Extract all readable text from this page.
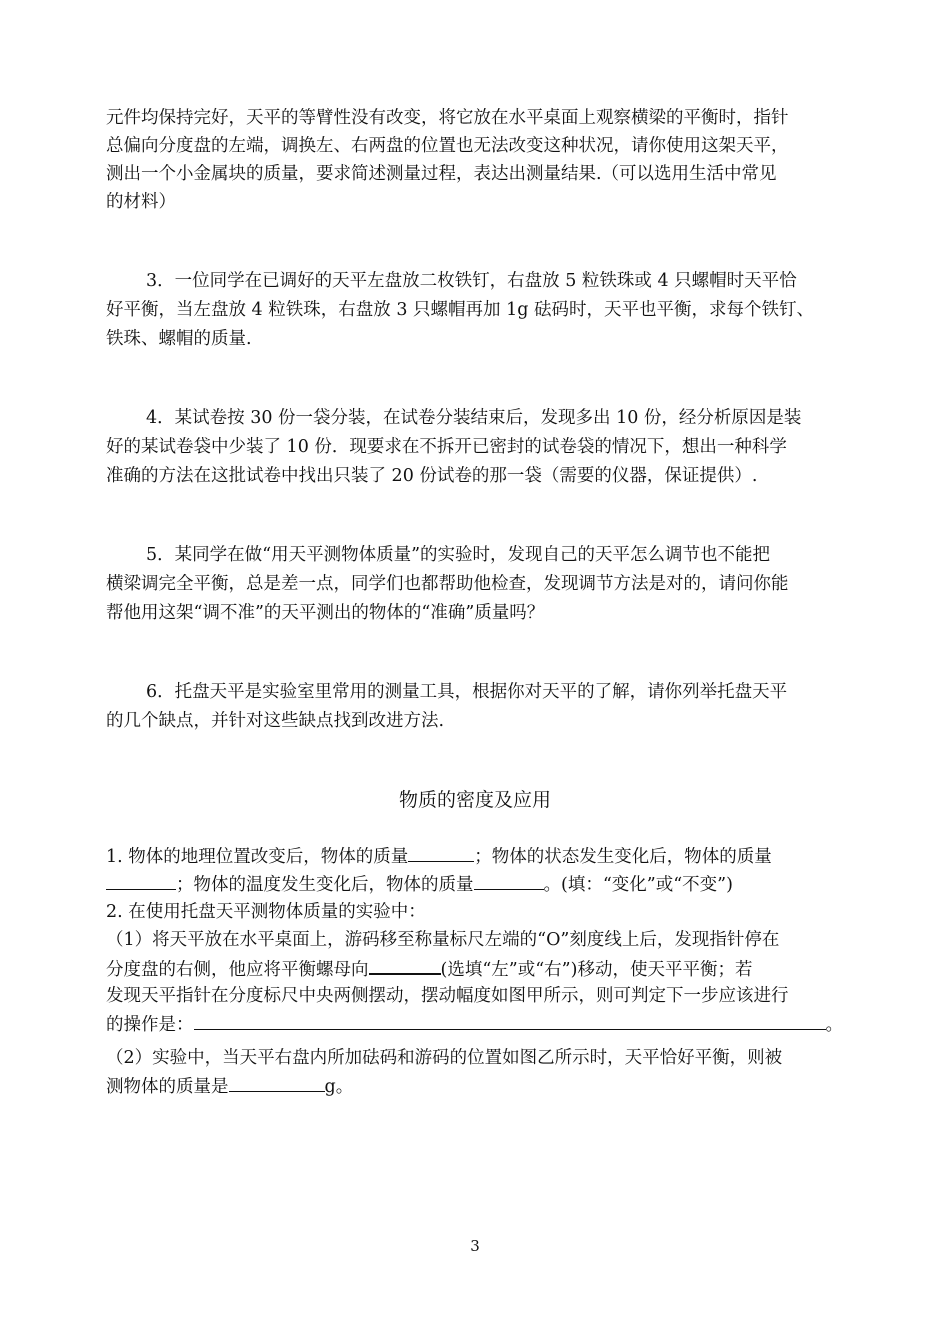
元件均保持完好，天平的等臂性没有改变，将它放在水平桌面上观察横梁的平衡时，指针
总偏向分度盘的左端，调换左、右两盘的位置也无法改变这种状况，请你使用这架天平，
测出一个小金属块的质量，要求简述测量过程，表达出测量结果.（可以选用生活中常见
的材料）
3．一位同学在已调好的天平左盘放二枚铁钉，右盘放 5 粒铁珠或 4 只螺帽时天平恰
好平衡，当左盘放 4 粒铁珠，右盘放 3 只螺帽再加 1g 砝码时，天平也平衡，求每个铁钉、
铁珠、螺帽的质量.
4．某试卷按 30 份一袋分装，在试卷分装结束后，发现多出 10 份，经分析原因是装
好的某试卷袋中少装了 10 份．现要求在不拆开已密封的试卷袋的情况下，想出一种科学
准确的方法在这批试卷中找出只装了 20 份试卷的那一袋（需要的仪器，保证提供）.
5．某同学在做“用天平测物体质量”的实验时，发现自己的天平怎么调节也不能把
横梁调完全平衡，总是差一点，同学们也都帮助他检查，发现调节方法是对的，请问你能
帮他用这架“调不准”的天平测出的物体的“准确”质量吗？
6．托盘天平是实验室里常用的测量工具，根据你对天平的了解，请你列举托盘天平
的几个缺点，并针对这些缺点找到改进方法.
物质的密度及应用
1. 物体的地理位置改变后，物体的质量	；物体的状态发生变化后，物体的质量
；物体的温度发生变化后，物体的质量	。(填：“变化”或“不变”)
2. 在使用托盘天平测物体质量的实验中：
（1）将天平放在水平桌面上，游码移至称量标尺左端的“O”刻度线上后，发现指针停在
分度盘的右侧，他应将平衡螺母向	(选填“左”或“右”)移动，使天平平衡；若
发现天平指针在分度标尺中央两侧摆动，摆动幅度如图甲所示，则可判定下一步应该进行
的操作是：	。
（2）实验中，当天平右盘内所加砝码和游码的位置如图乙所示时，天平恰好平衡，则被
测物体的质量是	g。
3
